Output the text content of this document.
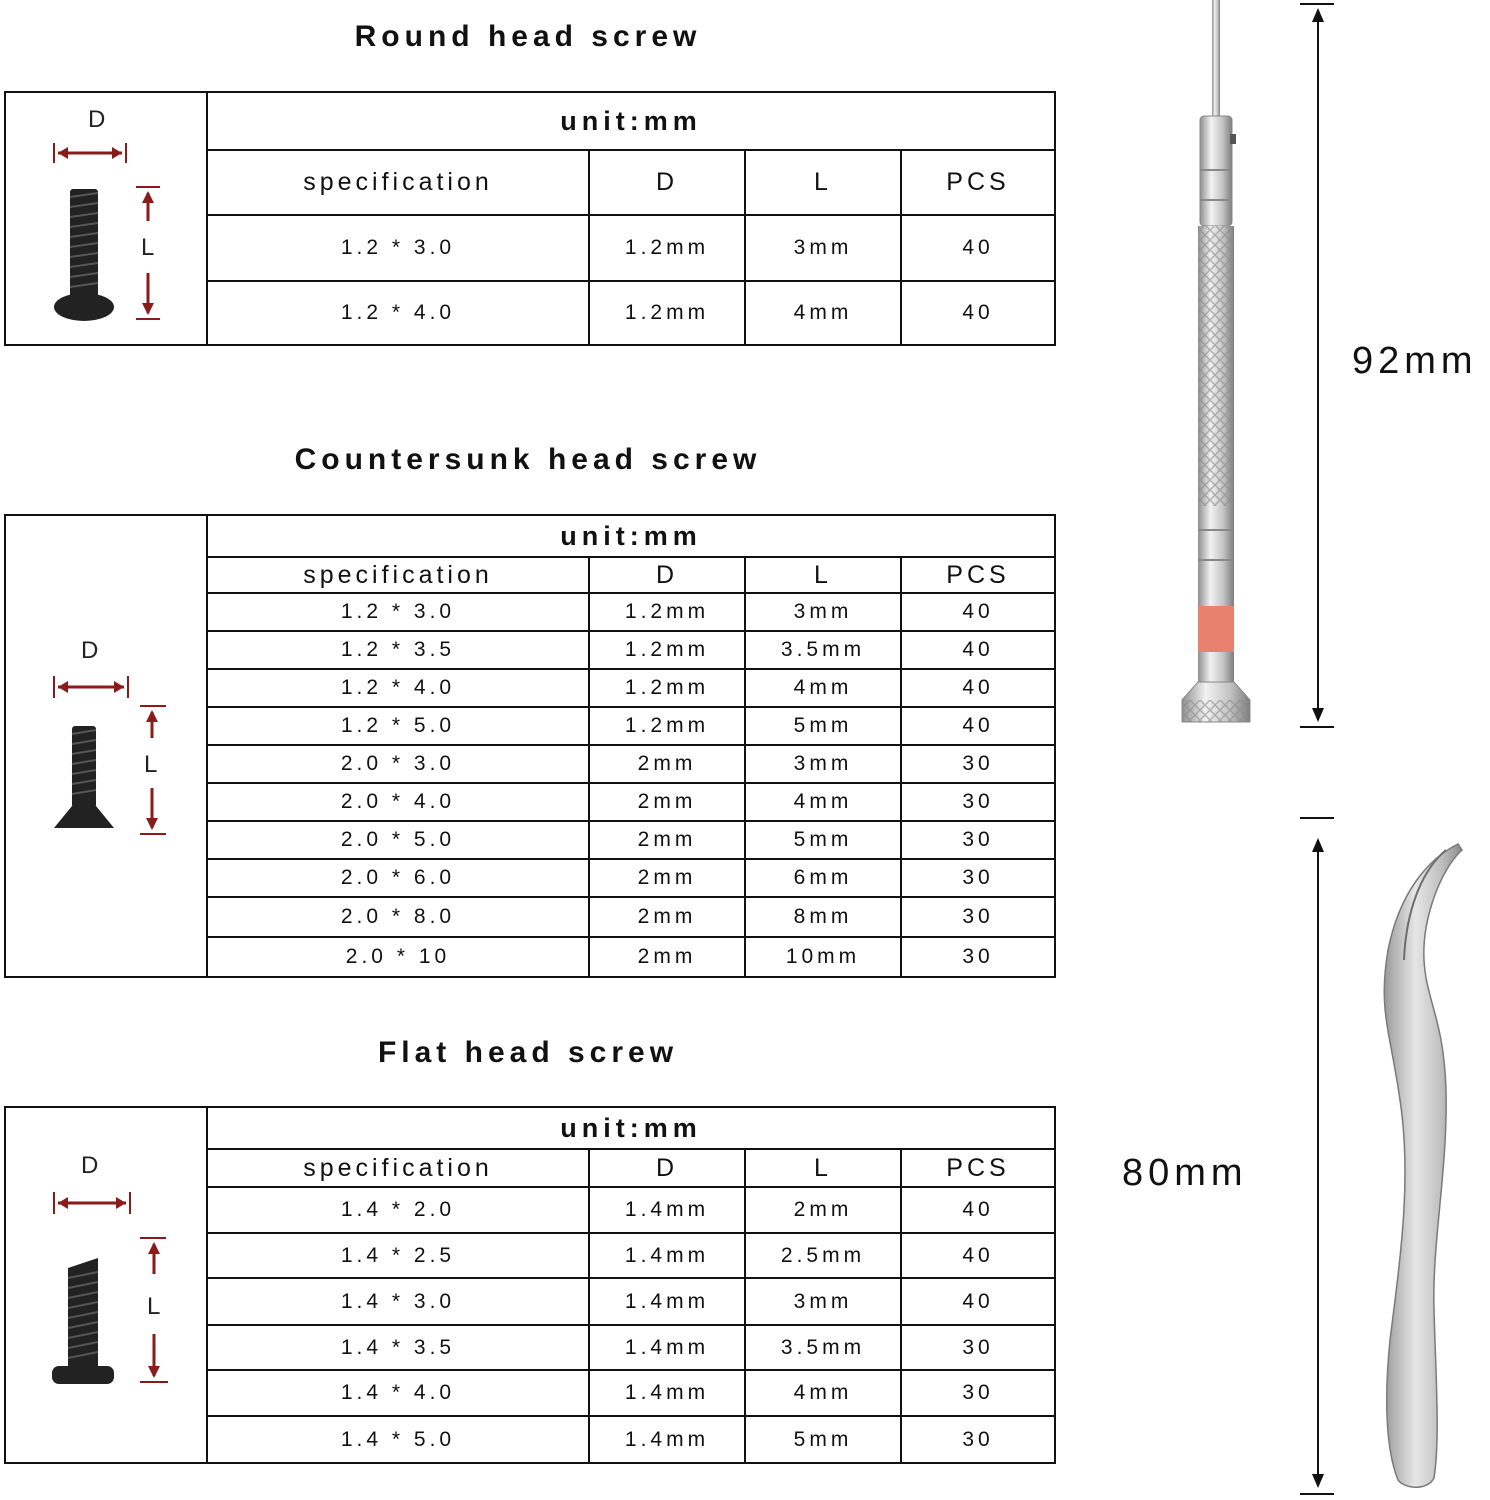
Round head screw
D
L
unit:mm
specification	D	L	PCS
1.2 * 3.0	1.2mm	3mm	40
1.2 * 4.0	1.2mm	4mm	40
Countersunk head screw
D
L
unit:mm
specification	D	L	PCS
1.2 * 3.0	1.2mm	3mm	40
1.2 * 3.5	1.2mm	3.5mm	40
1.2 * 4.0	1.2mm	4mm	40
1.2 * 5.0	1.2mm	5mm	40
2.0 * 3.0	2mm	3mm	30
2.0 * 4.0	2mm	4mm	30
2.0 * 5.0	2mm	5mm	30
2.0 * 6.0	2mm	6mm	30
2.0 * 8.0	2mm	8mm	30
2.0 * 10	2mm	10mm	30
Flat head screw
D
L
unit:mm
specification	D	L	PCS
1.4 * 2.0	1.4mm	2mm	40
1.4 * 2.5	1.4mm	2.5mm	40
1.4 * 3.0	1.4mm	3mm	40
1.4 * 3.5	1.4mm	3.5mm	30
1.4 * 4.0	1.4mm	4mm	30
1.4 * 5.0	1.4mm	5mm	30
92mm
80mm
